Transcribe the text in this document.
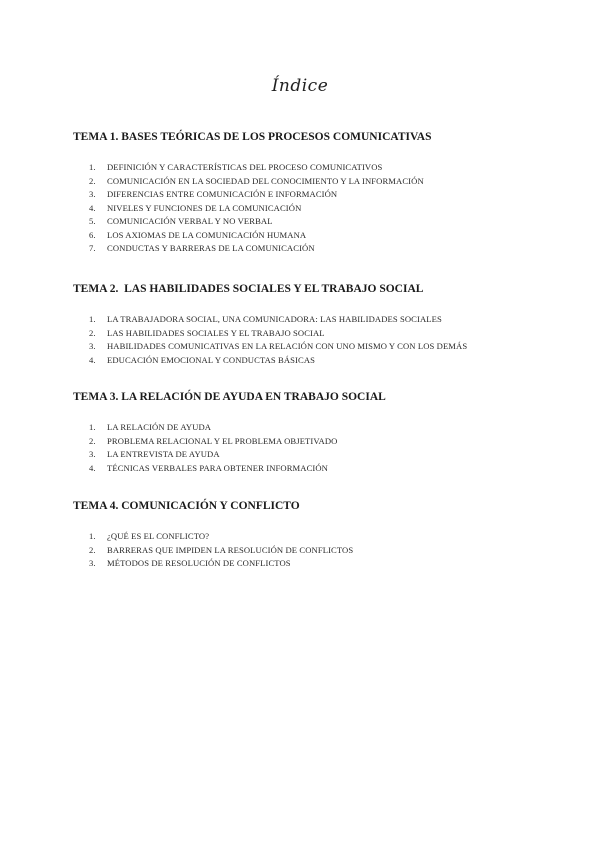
Índice
TEMA 1. BASES TEÓRICAS DE LOS PROCESOS COMUNICATIVAS
1.	DEFINICIÓN Y CARACTERÍSTICAS DEL PROCESO COMUNICATIVOS
2.	COMUNICACIÓN EN LA SOCIEDAD DEL CONOCIMIENTO Y LA INFORMACIÓN
3.	DIFERENCIAS ENTRE COMUNICACIÓN E INFORMACIÓN
4.	NIVELES Y FUNCIONES DE LA COMUNICACIÓN
5.	COMUNICACIÓN VERBAL Y NO VERBAL
6.	LOS AXIOMAS DE LA COMUNICACIÓN HUMANA
7.	CONDUCTAS Y BARRERAS DE LA COMUNICACIÓN
TEMA 2.  LAS HABILIDADES SOCIALES Y EL TRABAJO SOCIAL
1.	LA TRABAJADORA SOCIAL, UNA COMUNICADORA: LAS HABILIDADES SOCIALES
2.	LAS HABILIDADES SOCIALES Y EL TRABAJO SOCIAL
3.	HABILIDADES COMUNICATIVAS EN LA RELACIÓN CON UNO MISMO Y CON LOS DEMÁS
4.	EDUCACIÓN EMOCIONAL Y CONDUCTAS BÁSICAS
TEMA 3. LA RELACIÓN DE AYUDA EN TRABAJO SOCIAL
1.	LA RELACIÓN DE AYUDA
2.	PROBLEMA RELACIONAL Y EL PROBLEMA OBJETIVADO
3.	LA ENTREVISTA DE AYUDA
4.	TÉCNICAS VERBALES PARA OBTENER INFORMACIÓN
TEMA 4. COMUNICACIÓN Y CONFLICTO
1.	¿QUÉ ES EL CONFLICTO?
2.	BARRERAS QUE IMPIDEN LA RESOLUCIÓN DE CONFLICTOS
3.	MÉTODOS DE RESOLUCIÓN DE CONFLICTOS
